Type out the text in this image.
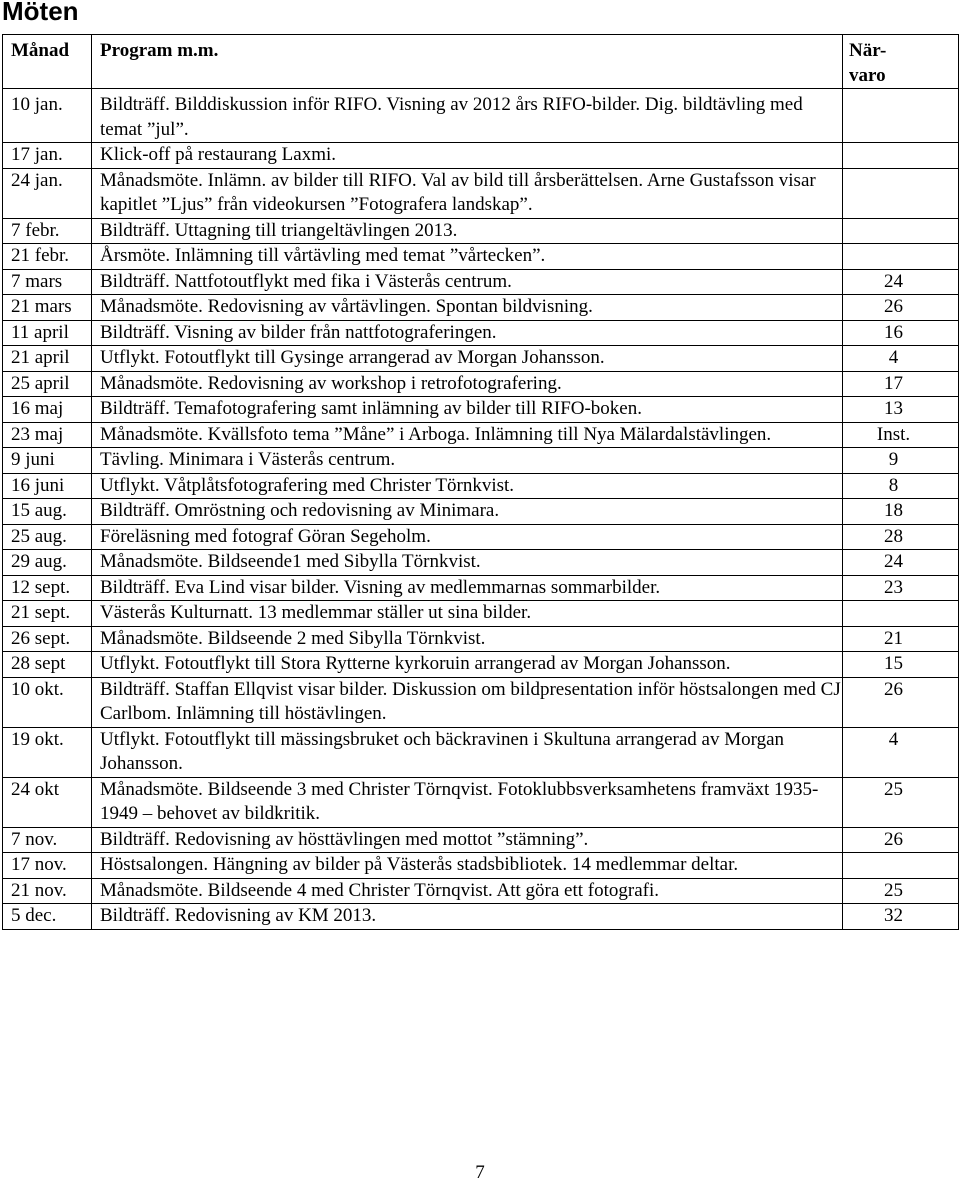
Möten
Månad	Program m.m.	När-
varo
10 jan.	Bildträff. Bilddiskussion inför RIFO. Visning av 2012 års RIFO-bilder. Dig. bildtävling med temat ”jul”.	
17 jan.	Klick-off på restaurang Laxmi.	
24 jan.	Månadsmöte. Inlämn. av bilder till RIFO. Val av bild till årsberättelsen. Arne Gustafsson visar kapitlet ”Ljus” från videokursen ”Fotografera landskap”.	
7 febr.	Bildträff. Uttagning till triangeltävlingen 2013.	
21 febr.	Årsmöte. Inlämning till vårtävling med temat ”vårtecken”.	
7 mars	Bildträff. Nattfotoutflykt med fika i Västerås centrum.	24
21 mars	Månadsmöte. Redovisning av vårtävlingen. Spontan bildvisning.	26
11 april	Bildträff. Visning av bilder från nattfotograferingen.	16
21 april	Utflykt. Fotoutflykt till Gysinge arrangerad av Morgan Johansson.	4
25 april	Månadsmöte. Redovisning av workshop i retrofotografering.	17
16 maj	Bildträff. Temafotografering samt inlämning av bilder till RIFO-boken.	13
23 maj	Månadsmöte. Kvällsfoto tema ”Måne” i Arboga. Inlämning till Nya Mälardalstävlingen.	Inst.
9 juni	Tävling. Minimara i Västerås centrum.	9
16 juni	Utflykt. Våtplåtsfotografering med Christer Törnkvist.	8
15 aug.	Bildträff. Omröstning och redovisning av Minimara.	18
25 aug.	Föreläsning med fotograf Göran Segeholm.	28
29 aug.	Månadsmöte. Bildseende1 med Sibylla Törnkvist.	24
12 sept.	Bildträff. Eva Lind visar bilder. Visning av medlemmarnas sommarbilder.	23
21 sept.	Västerås Kulturnatt. 13 medlemmar ställer ut sina bilder.	
26 sept.	Månadsmöte. Bildseende 2 med Sibylla Törnkvist.	21
28 sept	Utflykt. Fotoutflykt till Stora Rytterne kyrkoruin arrangerad av Morgan Johansson.	15
10 okt.	Bildträff. Staffan Ellqvist visar bilder. Diskussion om bildpresentation inför höstsalongen med CJ Carlbom. Inlämning till höstävlingen.	26
19 okt.	Utflykt. Fotoutflykt till mässingsbruket och bäckravinen i Skultuna arrangerad av Morgan Johansson.	4
24 okt	Månadsmöte. Bildseende 3 med Christer Törnqvist. Fotoklubbsverksamhetens framväxt 1935-1949 – behovet av bildkritik.	25
7 nov.	Bildträff. Redovisning av hösttävlingen med mottot ”stämning”.	26
17 nov.	Höstsalongen. Hängning av bilder på Västerås stadsbibliotek. 14 medlemmar deltar.	
21 nov.	Månadsmöte. Bildseende 4 med Christer Törnqvist. Att göra ett fotografi.	25
5 dec.	Bildträff. Redovisning av KM 2013.	32
7
